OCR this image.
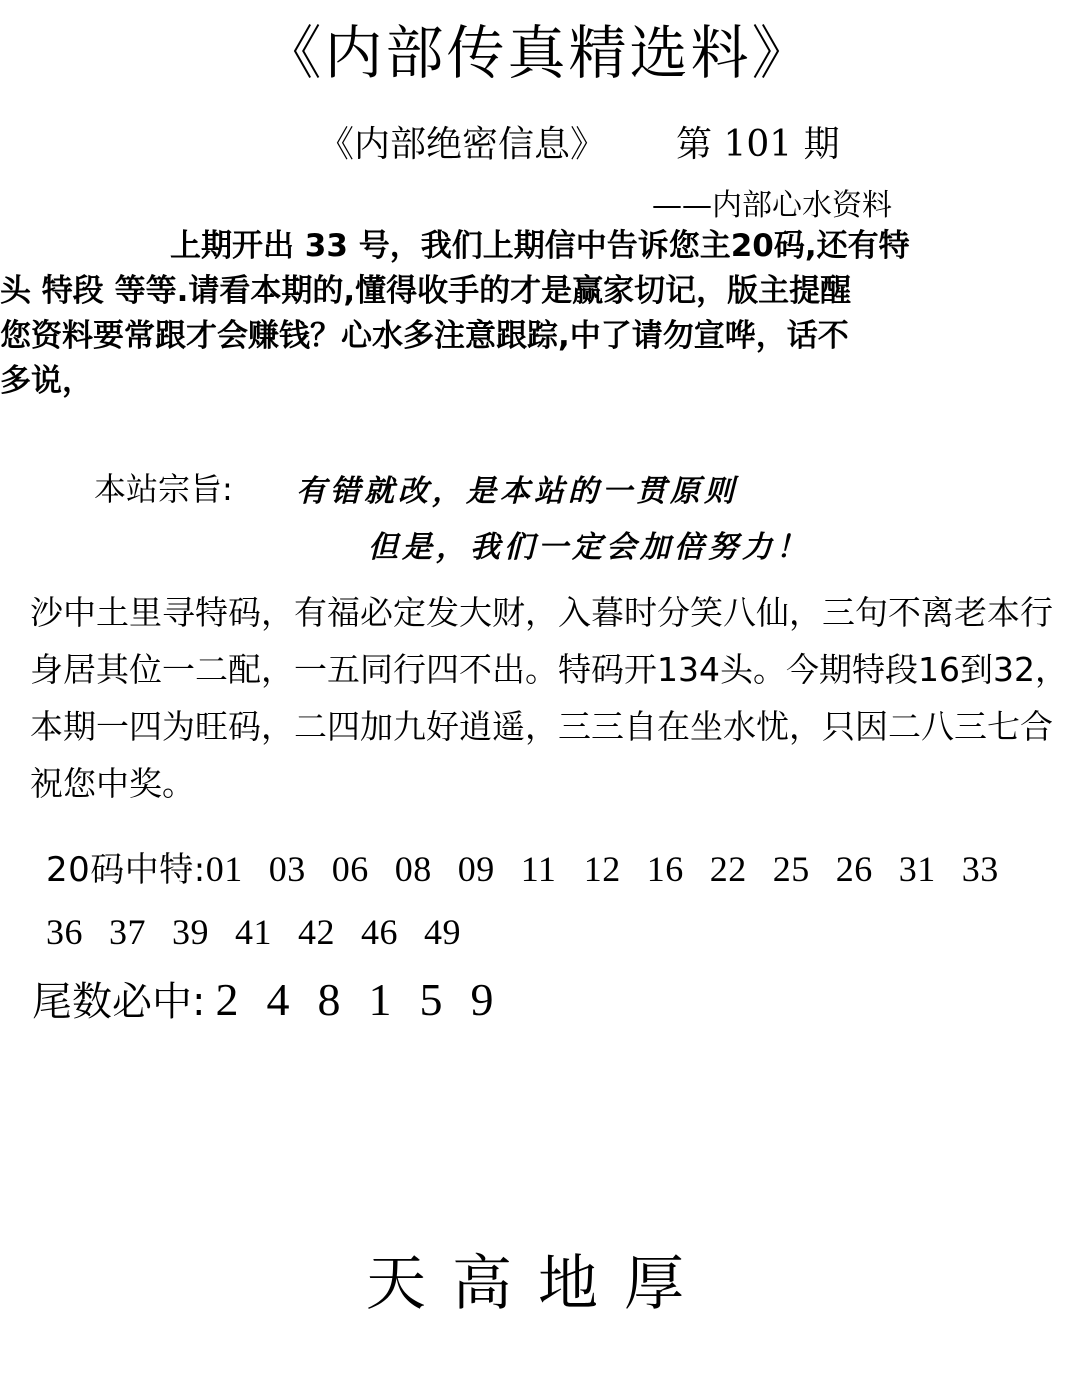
《内部传真精选料》
《内部绝密信息》 第 101 期
——内部心水资料
上期开出 33 号，我们上期信中告诉您主20码,还有特
头 特段 等等.请看本期的,懂得收手的才是赢家切记，版主提醒
您资料要常跟才会赚钱？心水多注意跟踪,中了请勿宣哗，话不
多说，
本站宗旨: 有错就改，是本站的一贯原则
但是，我们一定会加倍努力！
沙中土里寻特码，有福必定发大财，入暮时分笑八仙，三句不离老本行
身居其位一二配，一五同行四不出。特码开134头。今期特段16到32，
本期一四为旺码，二四加九好逍遥，三三自在坐水忧，只因二八三七合
祝您中奖。
20码中特:01 03 06 08 09 11 12 16 22 25 26 31 33
36 37 39 41 42 46 49
尾数必中: 2 4 8 1 5 9
天高地厚
